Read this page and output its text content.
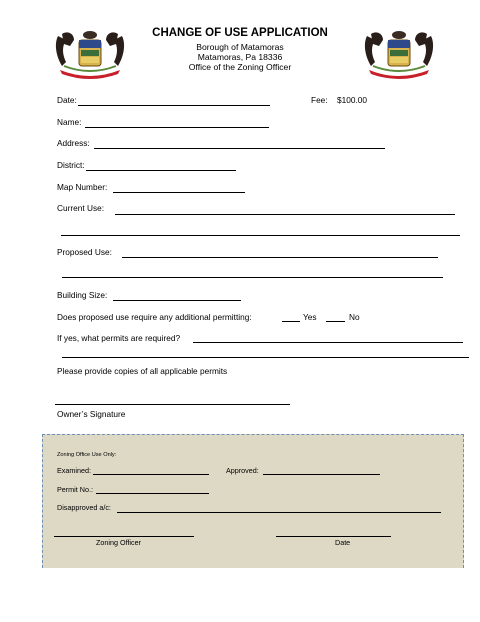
CHANGE OF USE APPLICATION
Borough of Matamoras
Matamoras, Pa 18336
Office of the Zoning Officer
Date:	Fee: $100.00
Name:
Address:
District:
Map Number:
Current Use:
Proposed Use:
Building Size:
Does proposed use require any additional permitting:	Yes	No
If yes, what permits are required?
Please provide copies of all applicable permits
Owner’s Signature
Zoning Office Use Only:
Examined:	Approved:
Permit No.:
Disapproved a/c:
Zoning Officer	Date
